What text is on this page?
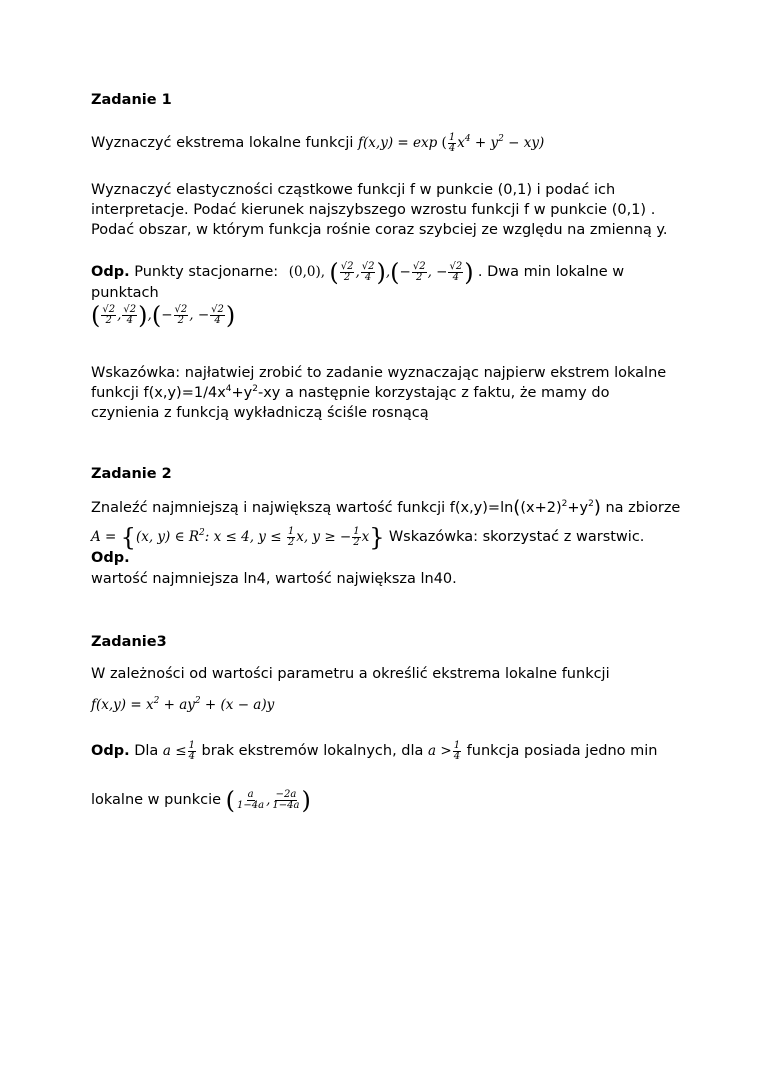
Zadanie 1
Wyznaczyć ekstrema lokalne funkcji f(x,y) = exp ( $\frac{1}{4} x^4 + y^2 - xy$)
Wyznaczyć elastyczności cząstkowe funkcji f w punkcie (0,1) i podać ich interpretacje. Podać kierunek najszybszego wzrostu funkcji f w punkcie (0,1) . Podać obszar, w którym funkcja rośnie coraz szybciej ze względu na zmienną y.
Odp. Punkty stacjonarne: (0,0), ( $\frac{√2}{2}$ , $\frac{√2}{4}$ ),(− $\frac{√2}{2}$ , − $\frac{√2}{4}$ ) . Dwa min lokalne w punktach
( $\frac{√2}{2}$ , $\frac{√2}{4}$ ),(− $\frac{√2}{2}$ , − $\frac{√2}{4}$ )
Wskazówka: najłatwiej zrobić to zadanie wyznaczając najpierw ekstrem lokalne funkcji $f(x,y)=1/4x^4+y^2-xy$ a następnie korzystając z faktu, że mamy do czynienia z funkcją wykładniczą ściśle rosnącą
Zadanie 2
Znaleźć najmniejszą i największą wartość funkcji $f(x,y)=\ln((x+2)^2+y^2)$ na zbiorze
A = {(x, y) ∈ $R^2$: x ≤ 4, $y \le \frac{1}{2} x$, y ≥ − $\frac{1}{2} x$} Wskazówka: skorzystać z warstwic. Odp.
wartość najmniejsza ln4, wartość największa ln40.
Zadanie3
W zależności od wartości parametru a określić ekstrema lokalne funkcji
$f(x,y) = x^2 + ay^2 + (x - a)y$
Odp. Dla $a \le \frac{1}{4}$ brak ekstremów lokalnych, dla $a > \frac{1}{4}$ funkcja posiada jedno min
lokalne w punkcie ( $\frac{a}{1-4a}$ , $\frac{-2a}{1-4a}$ )
